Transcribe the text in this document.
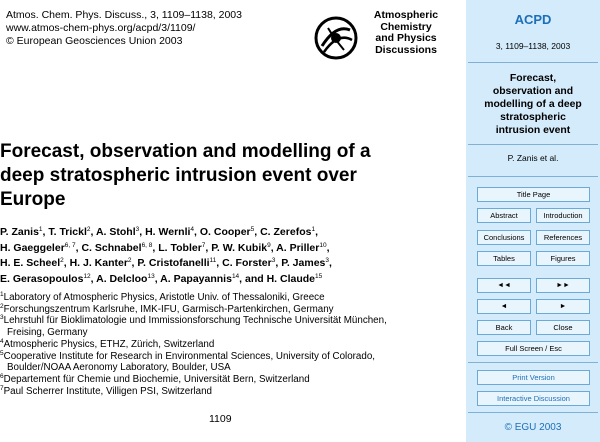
Atmos. Chem. Phys. Discuss., 3, 1109–1138, 2003
www.atmos-chem-phys.org/acpd/3/1109/
© European Geosciences Union 2003
Atmospheric
Chemistry
and Physics
Discussions
Forecast, observation and modelling of a
deep stratospheric intrusion event over
Europe
P. Zanis$^1$, T. Trickl$^2$, A. Stohl$^3$, H. Wernli$^4$, O. Cooper$^5$, C. Zerefos$^1$,
H. Gaeggeler$^{6, 7}$, C. Schnabel$^{6, 8}$, L. Tobler$^7$, P. W. Kubik$^9$, A. Priller$^{10}$,
H. E. Scheel$^2$, H. J. Kanter$^2$, P. Cristofanelli$^{11}$, C. Forster$^3$, P. James$^3$,
E. Gerasopoulos$^{12}$, A. Delcloo$^{13}$, A. Papayannis$^{14}$, and H. Claude$^{15}$
$^1$Laboratory of Atmospheric Physics, Aristotle Univ. of Thessaloniki, Greece
$^2$Forschungszentrum Karlsruhe, IMK-IFU, Garmisch-Partenkirchen, Germany
$^3$Lehrstuhl für Bioklimatologie und Immissionsforschung Technische Universität München,
Freising, Germany
$^4$Atmospheric Physics, ETHZ, Zürich, Switzerland
$^5$Cooperative Institute for Research in Environmental Sciences, University of Colorado,
Boulder/NOAA Aeronomy Laboratory, Boulder, USA
$^6$Departement für Chemie und Biochemie, Universität Bern, Switzerland
$^7$Paul Scherrer Institute, Villigen PSI, Switzerland
1109
ACPD
3, 1109–1138, 2003
Forecast,
observation and
modelling of a deep
stratospheric
intrusion event
P. Zanis et al.
Title Page
Abstract	Introduction
Conclusions	References
Tables	Figures
◄◄	►►
◄	►
Back	Close
Full Screen / Esc
Print Version
Interactive Discussion
© EGU 2003
